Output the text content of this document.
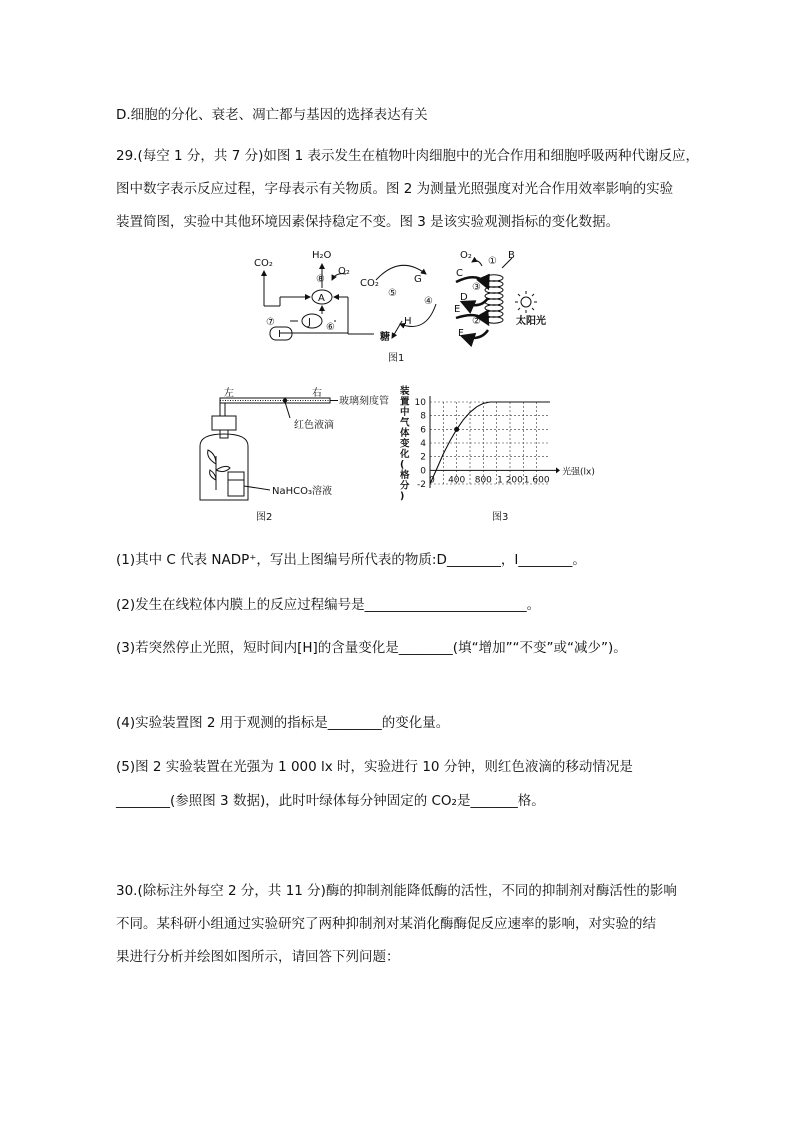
D.细胞的分化、衰老、凋亡都与基因的选择表达有关
29.(每空 1 分，共 7 分)如图 1 表示发生在植物叶肉细胞中的光合作用和细胞呼吸两种代谢反应，
图中数字表示反应过程，字母表示有关物质。图 2 为测量光照强度对光合作用效率影响的实验
装置简图，实验中其他环境因素保持稳定不变。图 3 是该实验观测指标的变化数据。
CO₂
H₂O
O₂
CO₂
O₂
⑧
A
J
⑦
I
⑥
糖
⑤
G
④
H
C
D
E
F
③
②
①
B
太阳光
图1
左	右
玻璃刻度管
红色液滴
NaHCO₃溶液
图2
-2
0
2
4
6
8
10
0 400 800 1 200 1 600
光强(lx)
装
置
中
气
体
变
化
(
格
分
)
图3
(1)其中 C 代表 NADP⁺，写出上图编号所代表的物质:D________，I________。
(2)发生在线粒体内膜上的反应过程编号是________________________。
(3)若突然停止光照，短时间内[H]的含量变化是________(填“增加”“不变”或“减少”)。
(4)实验装置图 2 用于观测的指标是________的变化量。
(5)图 2 实验装置在光强为 1 000 lx 时，实验进行 10 分钟，则红色液滴的移动情况是
________(参照图 3 数据)，此时叶绿体每分钟固定的 CO₂是_______格。
30.(除标注外每空 2 分，共 11 分)酶的抑制剂能降低酶的活性，不同的抑制剂对酶活性的影响
不同。某科研小组通过实验研究了两种抑制剂对某消化酶酶促反应速率的影响，对实验的结
果进行分析并绘图如图所示，请回答下列问题：
